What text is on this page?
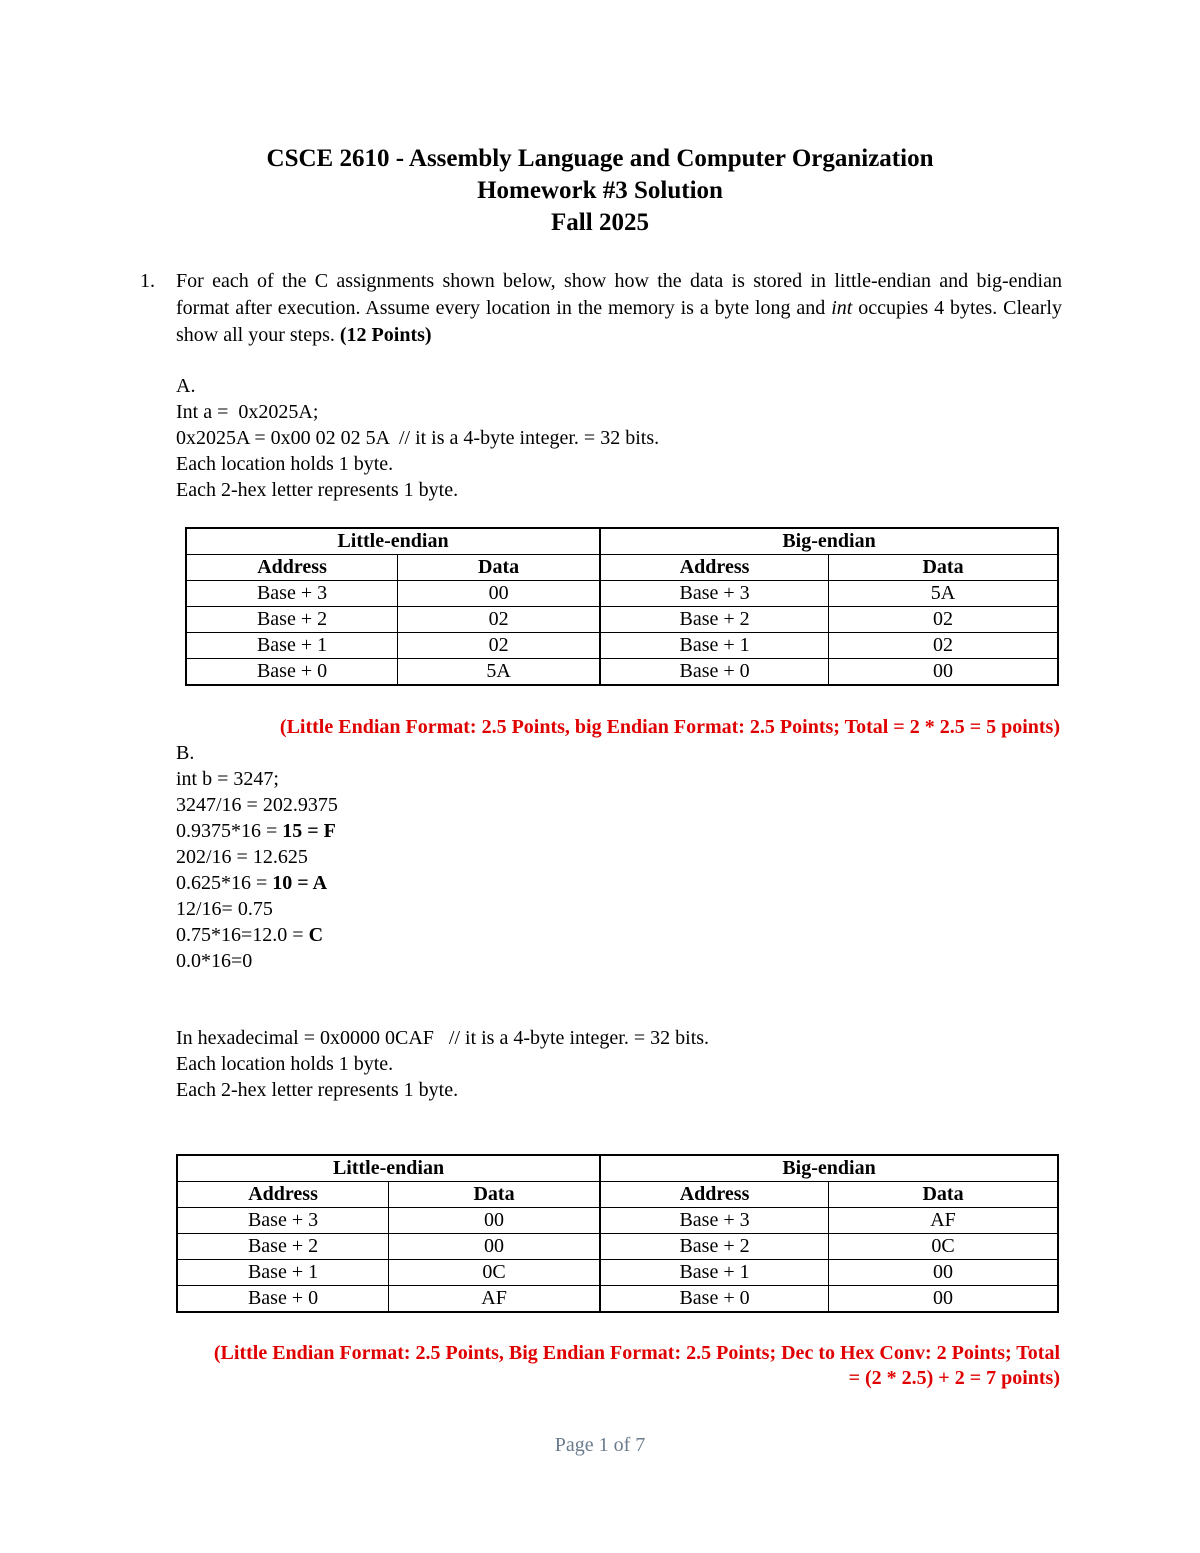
CSCE 2610 - Assembly Language and Computer Organization
Homework #3 Solution
Fall 2025
1. For each of the C assignments shown below, show how the data is stored in little-endian and big-endian format after execution. Assume every location in the memory is a byte long and int occupies 4 bytes. Clearly show all your steps. (12 Points)
A.
Int a =  0x2025A;
0x2025A = 0x00 02 02 5A  // it is a 4-byte integer. = 32 bits.
Each location holds 1 byte.
Each 2-hex letter represents 1 byte.
Little-endian		Big-endian	
Address	Data	Address	Data
Base + 3	00	Base + 3	5A
Base + 2	02	Base + 2	02
Base + 1	02	Base + 1	02
Base + 0	5A	Base + 0	00
(Little Endian Format: 2.5 Points, big Endian Format: 2.5 Points; Total = 2 * 2.5 = 5 points)
B.
int b = 3247;
3247/16 = 202.9375
0.9375*16 = 15 = F
202/16 = 12.625
0.625*16 = 10 = A
12/16= 0.75
0.75*16=12.0 = C
0.0*16=0
In hexadecimal = 0x0000 0CAF   // it is a 4-byte integer. = 32 bits.
Each location holds 1 byte.
Each 2-hex letter represents 1 byte.
Little-endian		Big-endian	
Address	Data	Address	Data
Base + 3	00	Base + 3	AF
Base + 2	00	Base + 2	0C
Base + 1	0C	Base + 1	00
Base + 0	AF	Base + 0	00
(Little Endian Format: 2.5 Points, Big Endian Format: 2.5 Points; Dec to Hex Conv: 2 Points; Total
= (2 * 2.5) + 2 = 7 points)
Page 1 of 7
